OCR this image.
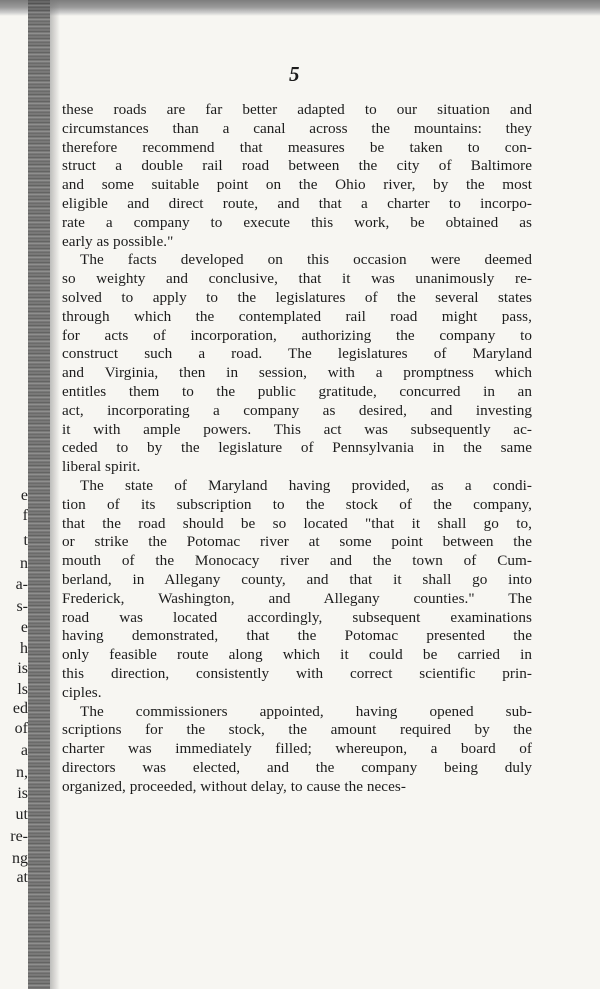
e
f
t
n
a-
s-
e
h
is
ls
ed
of
a
n,
is
ut
re-
ng
at
5
these roads are far better adapted to our situation and
circumstances than a canal across the mountains: they
therefore recommend that measures be taken to con-
struct a double rail road between the city of Baltimore
and some suitable point on the Ohio river, by the most
eligible and direct route, and that a charter to incorpo-
rate a company to execute this work, be obtained as
early as possible."
The facts developed on this occasion were deemed
so weighty and conclusive, that it was unanimously re-
solved to apply to the legislatures of the several states
through which the contemplated rail road might pass,
for acts of incorporation, authorizing the company to
construct such a road. The legislatures of Maryland
and Virginia, then in session, with a promptness which
entitles them to the public gratitude, concurred in an
act, incorporating a company as desired, and investing
it with ample powers. This act was subsequently ac-
ceded to by the legislature of Pennsylvania in the same
liberal spirit.
The state of Maryland having provided, as a condi-
tion of its subscription to the stock of the company,
that the road should be so located "that it shall go to,
or strike the Potomac river at some point between the
mouth of the Monocacy river and the town of Cum-
berland, in Allegany county, and that it shall go into
Frederick, Washington, and Allegany counties." The
road was located accordingly, subsequent examinations
having demonstrated, that the Potomac presented the
only feasible route along which it could be carried in
this direction, consistently with correct scientific prin-
ciples.
The commissioners appointed, having opened sub-
scriptions for the stock, the amount required by the
charter was immediately filled; whereupon, a board of
directors was elected, and the company being duly
organized, proceeded, without delay, to cause the neces-
